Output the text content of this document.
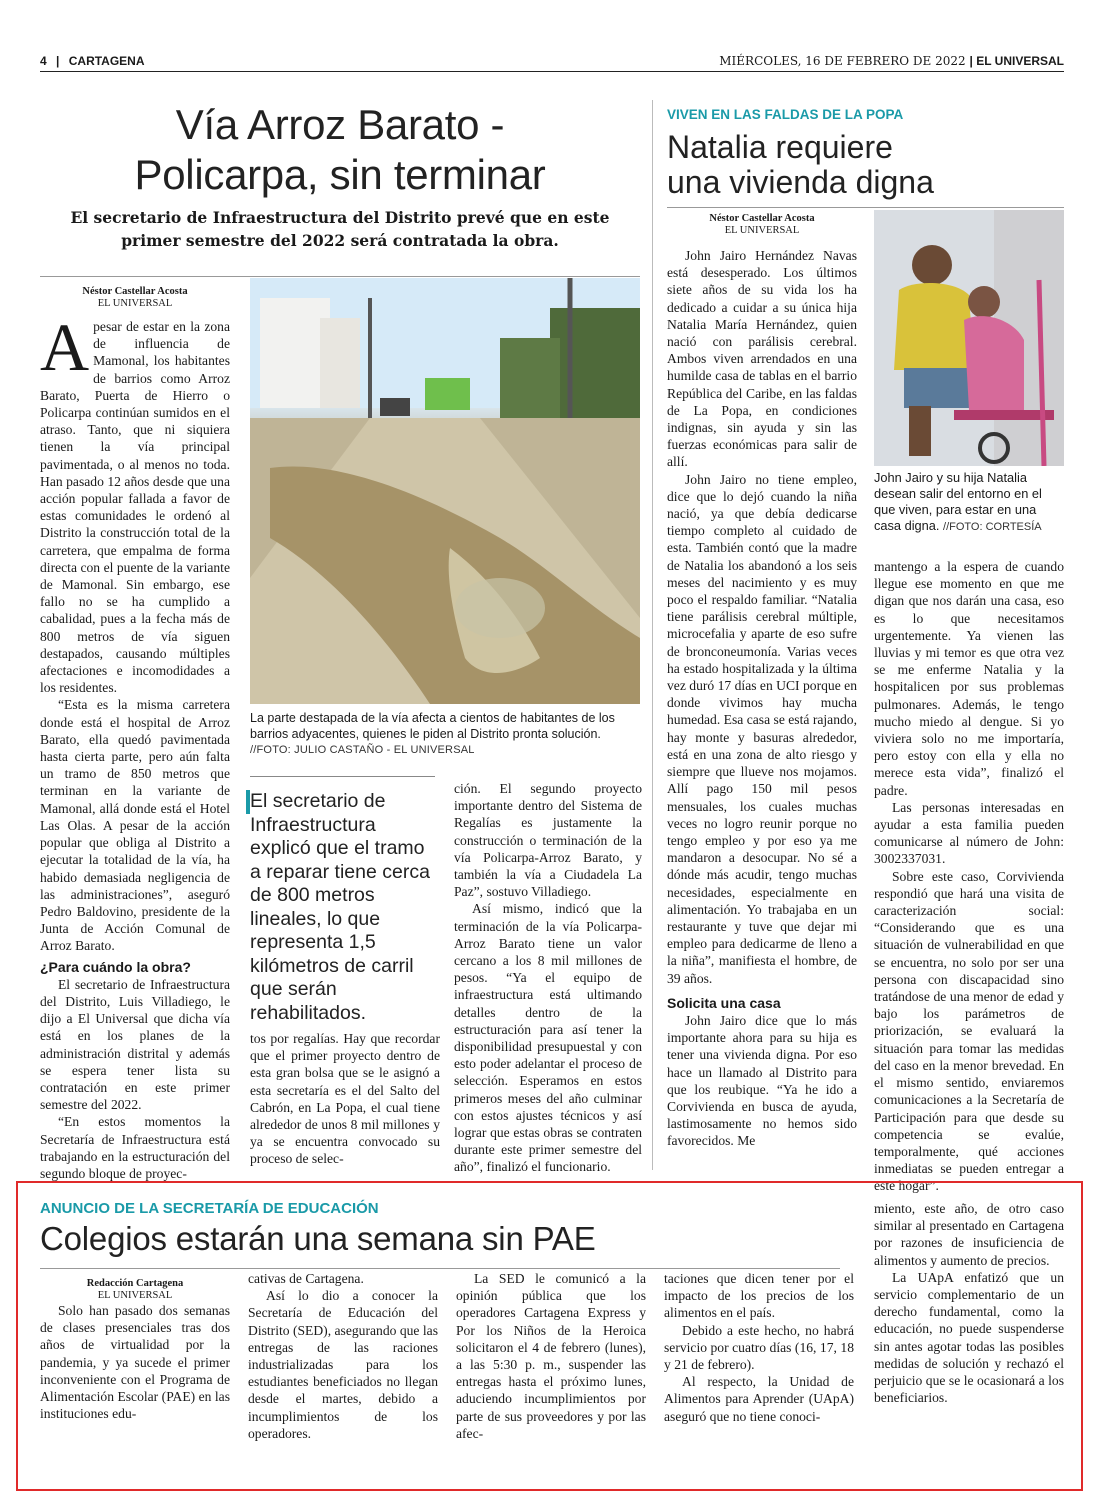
4 | CARTAGENA	MIÉRCOLES, 16 DE FEBRERO DE 2022 | EL UNIVERSAL
Vía Arroz Barato -
Policarpa, sin terminar
El secretario de Infraestructura del Distrito prevé que en este
primer semestre del 2022 será contratada la obra.
Néstor Castellar Acosta
EL UNIVERSAL

Apesar de estar en la zona de influencia de Mamonal, los habitantes de barrios como Arroz Barato, Puerta de Hierro o Policarpa continúan sumidos en el atraso. Tanto, que ni siquiera tienen la vía principal pavimentada, o al menos no toda. Han pasado 12 años desde que una acción popular fallada a favor de estas comunidades le ordenó al Distrito la construcción total de la carretera, que empalma de forma directa con el puente de la variante de Mamonal. Sin embargo, ese fallo no se ha cumplido a cabalidad, pues a la fecha más de 800 metros de vía siguen destapados, causando múltiples afectaciones e incomodidades a los residentes.

“Esta es la misma carretera donde está el hospital de Arroz Barato, ella quedó pavimentada hasta cierta parte, pero aún falta un tramo de 850 metros que terminan en la variante de Mamonal, allá donde está el Hotel Las Olas. A pesar de la acción popular que obliga al Distrito a ejecutar la totalidad de la vía, ha habido demasiada negligencia de las administraciones”, aseguró Pedro Baldovino, presidente de la Junta de Acción Comunal de Arroz Barato.

¿Para cuándo la obra?

El secretario de Infraestructura del Distrito, Luis Villadiego, le dijo a El Universal que dicha vía está en los planes de la administración distrital y además se espera tener lista su contratación en este primer semestre del 2022.

“En estos momentos la Secretaría de Infraestructura está trabajando en la estructuración del segundo bloque de proyec-

La parte destapada de la vía afecta a cientos de habitantes de los barrios adyacentes, quienes le piden al Distrito pronta solución.
//FOTO: JULIO CASTAÑO - EL UNIVERSAL
El secretario de Infraestructura explicó que el tramo a reparar tiene cerca de 800 metros lineales, lo que representa 1,5 kilómetros de carril que serán rehabilitados.

tos por regalías. Hay que recordar que el primer proyecto dentro de esta gran bolsa que se le asignó a esta secretaría es el del Salto del Cabrón, en La Popa, el cual tiene alrededor de unos 8 mil millones y ya se encuentra convocado su proceso de selec-

ción. El segundo proyecto importante dentro del Sistema de Regalías es justamente la construcción o terminación de la vía Policarpa-Arroz Barato, y también la vía a Ciudadela La Paz”, sostuvo Villadiego.

Así mismo, indicó que la terminación de la vía Policarpa-Arroz Barato tiene un valor cercano a los 8 mil millones de pesos. “Ya el equipo de infraestructura está ultimando detalles dentro de la estructuración para así tener la disponibilidad presupuestal y con esto poder adelantar el proceso de selección. Esperamos en estos primeros meses del año culminar con estos ajustes técnicos y así lograr que estas obras se contraten durante este primer semestre del año”, finalizó el funcionario.

VIVEN EN LAS FALDAS DE LA POPA
Natalia requiere
una vivienda digna
Néstor Castellar Acosta
EL UNIVERSAL

John Jairo Hernández Navas está desesperado. Los últimos siete años de su vida los ha dedicado a cuidar a su única hija Natalia María Hernández, quien nació con parálisis cerebral. Ambos viven arrendados en una humilde casa de tablas en el barrio República del Caribe, en las faldas de La Popa, en condiciones indignas, sin ayuda y sin las fuerzas económicas para salir de allí.

John Jairo no tiene empleo, dice que lo dejó cuando la niña nació, ya que debía dedicarse tiempo completo al cuidado de esta. También contó que la madre de Natalia los abandonó a los seis meses del nacimiento y es muy poco el respaldo familiar. “Natalia tiene parálisis cerebral múltiple, microcefalia y aparte de eso sufre de bronconeumonía. Varias veces ha estado hospitalizada y la última vez duró 17 días en UCI porque en donde vivimos hay mucha humedad. Esa casa se está rajando, hay monte y basuras alrededor, está en una zona de alto riesgo y siempre que llueve nos mojamos. Allí pago 150 mil pesos mensuales, los cuales muchas veces no logro reunir porque no tengo empleo y por eso ya me mandaron a desocupar. No sé a dónde más acudir, tengo muchas necesidades, especialmente en alimentación. Yo trabajaba en un restaurante y tuve que dejar mi empleo para dedicarme de lleno a la niña”, manifiesta el hombre, de 39 años.

Solicita una casa

John Jairo dice que lo más importante ahora para su hija es tener una vivienda digna. Por eso hace un llamado al Distrito para que los reubique. “Ya he ido a Corvivienda en busca de ayuda, lastimosamente no hemos sido favorecidos. Me

John Jairo y su hija Natalia desean salir del entorno en el que viven, para estar en una casa digna. //FOTO: CORTESÍA

mantengo a la espera de cuando llegue ese momento en que me digan que nos darán una casa, eso es lo que necesitamos urgentemente. Ya vienen las lluvias y mi temor es que otra vez se me enferme Natalia y la hospitalicen por sus problemas pulmonares. Además, le tengo mucho miedo al dengue. Si yo viviera solo no me importaría, pero estoy con ella y ella no merece esta vida”, finalizó el padre.

Las personas interesadas en ayudar a esta familia pueden comunicarse al número de John: 3002337031.

Sobre este caso, Corvivienda respondió que hará una visita de caracterización social: “Considerando que es una situación de vulnerabilidad en que se encuentra, no solo por ser una persona con discapacidad sino tratándose de una menor de edad y bajo los parámetros de priorización, se evaluará la situación para tomar las medidas del caso en la menor brevedad. En el mismo sentido, enviaremos comunicaciones a la Secretaría de Participación para que desde su competencia se evalúe, temporalmente, qué acciones inmediatas se pueden entregar a este hogar”.

ANUNCIO DE LA SECRETARÍA DE EDUCACIÓN
Colegios estarán una semana sin PAE
Redacción Cartagena
EL UNIVERSAL

Solo han pasado dos semanas de clases presenciales tras dos años de virtualidad por la pandemia, y ya sucede el primer inconveniente con el Programa de Alimentación Escolar (PAE) en las instituciones edu-

cativas de Cartagena.

Así lo dio a conocer la Secretaría de Educación del Distrito (SED), asegurando que las entregas de las raciones industrializadas para los estudiantes beneficiados no llegan desde el martes, debido a incumplimientos de los operadores.

La SED le comunicó a la opinión pública que los operadores Cartagena Express y Por los Niños de la Heroica solicitaron el 4 de febrero (lunes), a las 5:30 p. m., suspender las entregas hasta el próximo lunes, aduciendo incumplimientos por parte de sus proveedores y por las afec-

taciones que dicen tener por el impacto de los precios de los alimentos en el país.

Debido a este hecho, no habrá servicio por cuatro días (16, 17, 18 y 21 de febrero).

Al respecto, la Unidad de Alimentos para Aprender (UApA) aseguró que no tiene conoci-

miento, este año, de otro caso similar al presentado en Cartagena por razones de insuficiencia de alimentos y aumento de precios.

La UApA enfatizó que un servicio complementario de un derecho fundamental, como la educación, no puede suspenderse sin antes agotar todas las posibles medidas de solución y rechazó el perjuicio que se le ocasionará a los beneficiarios.
